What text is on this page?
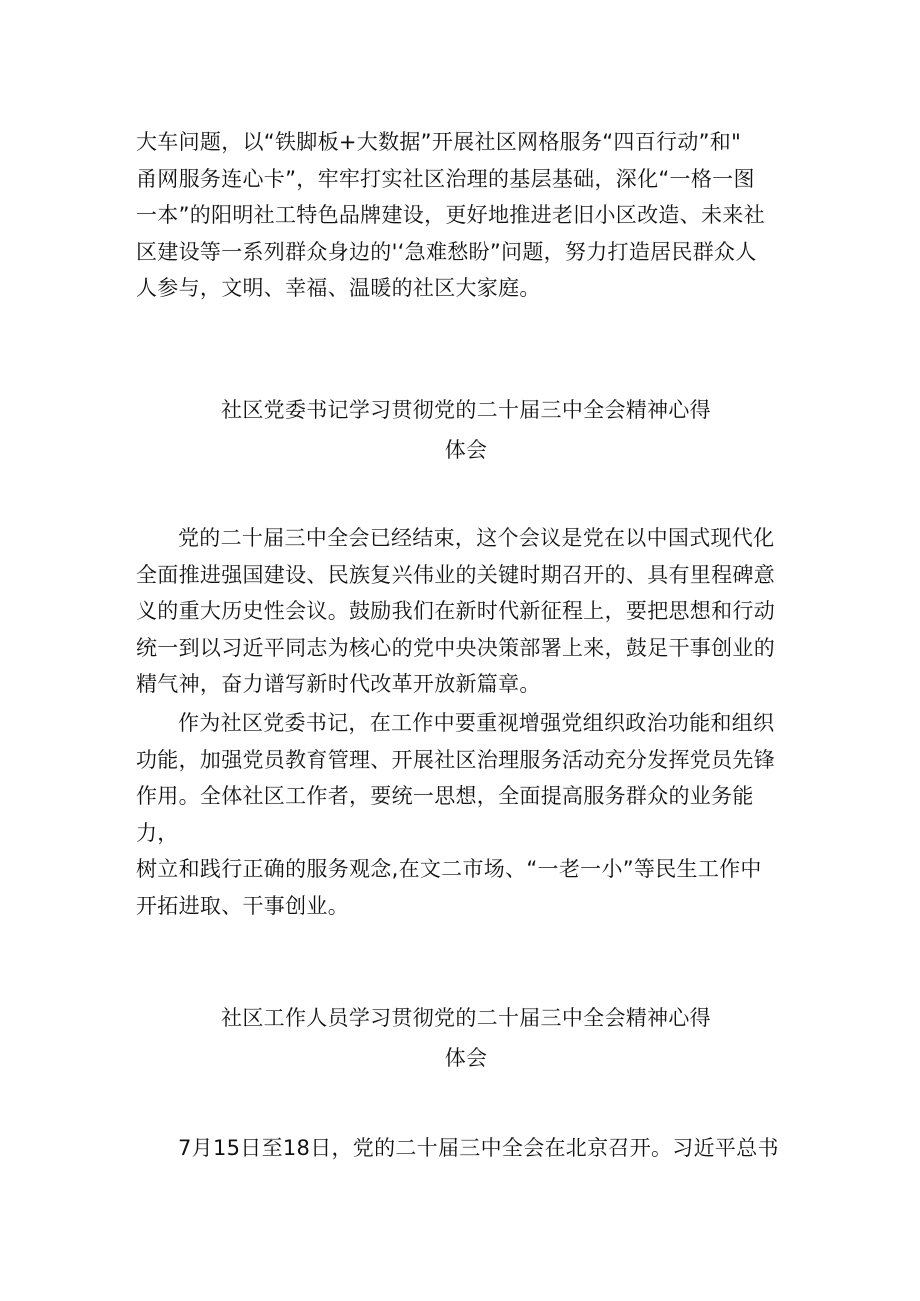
大车问题，以“铁脚板+大数据”开展社区网格服务“四百行动”和"
甬网服务连心卡”，牢牢打实社区治理的基层基础，深化“一格一图
一本”的阳明社工特色品牌建设，更好地推进老旧小区改造、未来社
区建设等一系列群众身边的'‘急难愁盼”问题，努力打造居民群众人
人参与，文明、幸福、温暖的社区大家庭。

社区党委书记学习贯彻党的二十届三中全会精神心得
体会

党的二十届三中全会已经结束，这个会议是党在以中国式现代化
全面推进强国建设、民族复兴伟业的关键时期召开的、具有里程碑意
义的重大历史性会议。鼓励我们在新时代新征程上，要把思想和行动
统一到以习近平同志为核心的党中央决策部署上来，鼓足干事创业的
精气神，奋力谱写新时代改革开放新篇章。

作为社区党委书记，在工作中要重视增强党组织政治功能和组织
功能，加强党员教育管理、开展社区治理服务活动充分发挥党员先锋
作用。全体社区工作者，要统一思想，全面提高服务群众的业务能力，
树立和践行正确的服务观念,在文二市场、“一老一小”等民生工作中
开拓进取、干事创业。

社区工作人员学习贯彻党的二十届三中全会精神心得
体会

7月15日至18日，党的二十届三中全会在北京召开。习近平总书
